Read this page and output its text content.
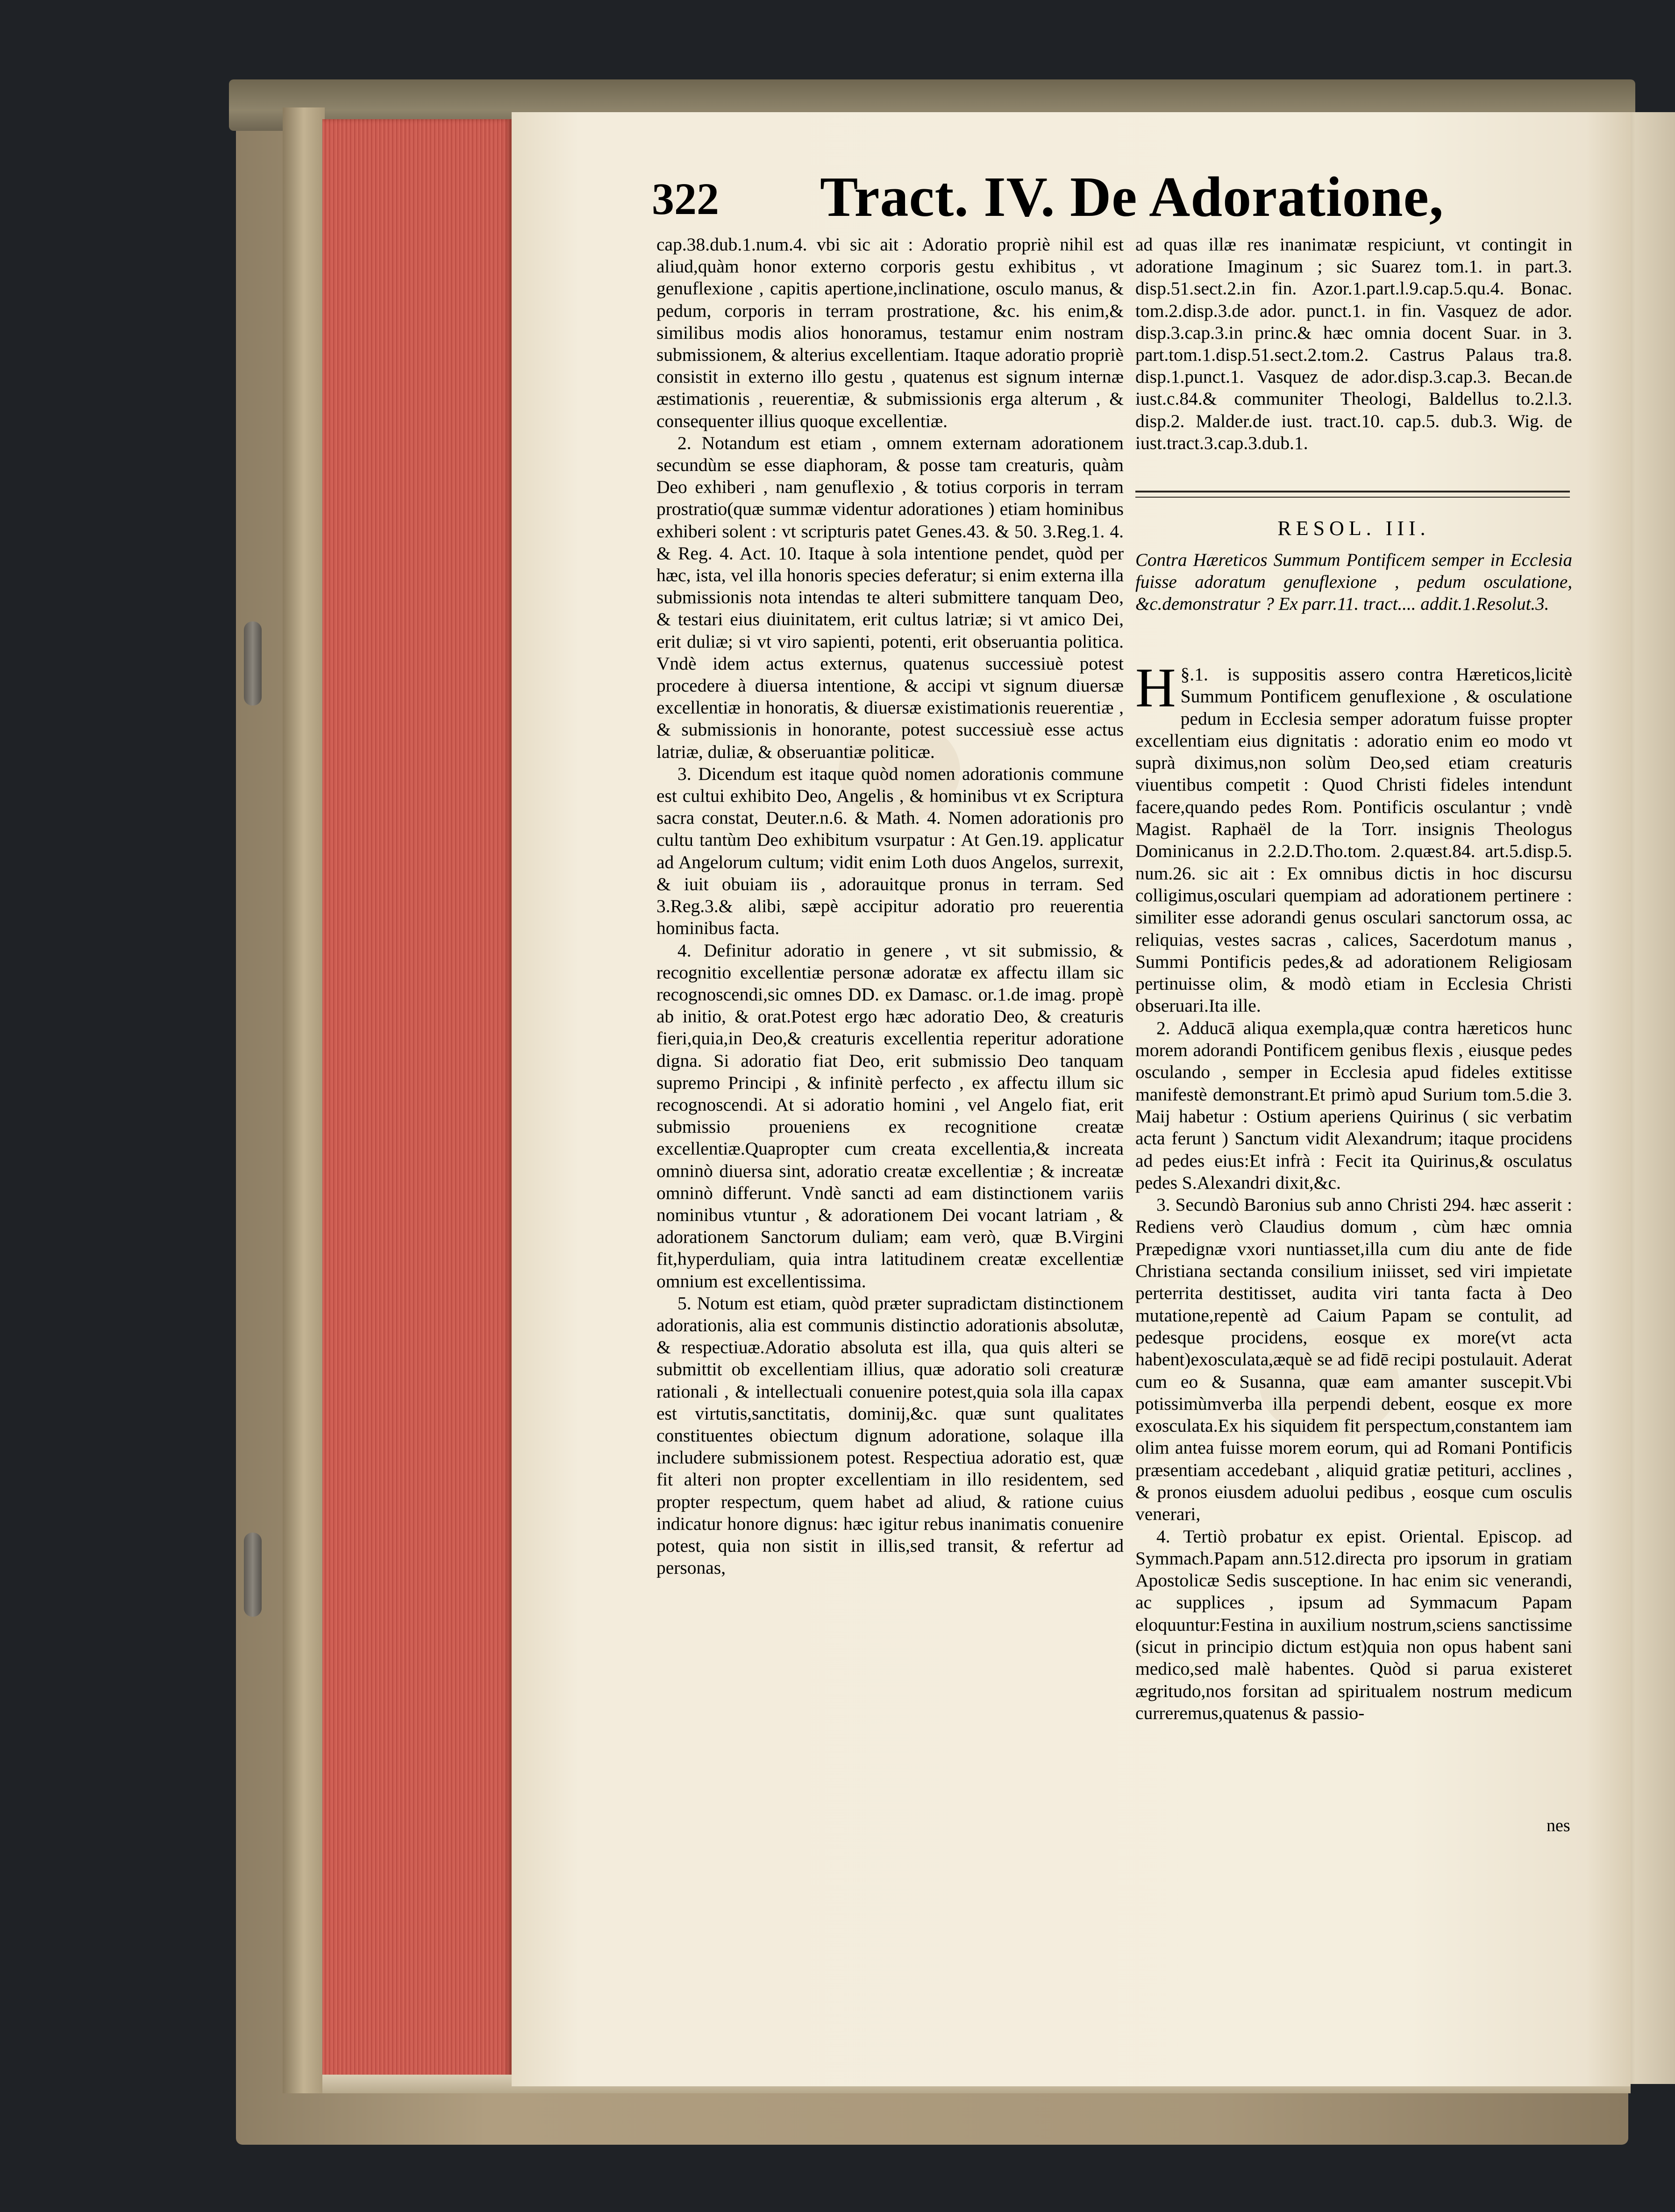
322 Tract. IV. De Adoratione,

cap.38.dub.1.num.4. vbi sic ait : Adoratio propriè nihil est aliud,quàm honor externo corporis gestu exhibitus , vt genuflexione , capitis apertione,inclinatione, osculo manus, & pedum, corporis in terram prostratione, &c. his enim,& similibus modis alios honoramus, testamur enim nostram submissionem, & alterius excellentiam. Itaque adoratio propriè consistit in externo illo gestu , quatenus est signum internæ æstimationis , reuerentiæ, & submissionis erga alterum , & consequenter illius quoque excellentiæ.

2. Notandum est etiam , omnem externam adorationem secundùm se esse diaphoram, & posse tam creaturis, quàm Deo exhiberi , nam genuflexio , & totius corporis in terram prostratio(quæ summæ videntur adorationes ) etiam hominibus exhiberi solent : vt scripturis patet Genes.43. & 50. 3.Reg.1. 4. & Reg. 4. Act. 10. Itaque à sola intentione pendet, quòd per hæc, ista, vel illa honoris species deferatur; si enim externa illa submissionis nota intendas te alteri submittere tanquam Deo, & testari eius diuinitatem, erit cultus latriæ; si vt amico Dei, erit duliæ; si vt viro sapienti, potenti, erit obseruantia politica. Vndè idem actus externus, quatenus successiuè potest procedere à diuersa intentione, & accipi vt signum diuersæ excellentiæ in honoratis, & diuersæ existimationis reuerentiæ , & submissionis in honorante, potest successiuè esse actus latriæ, duliæ, & obseruantiæ politicæ.

3. Dicendum est itaque quòd nomen adorationis commune est cultui exhibito Deo, Angelis , & hominibus vt ex Scriptura sacra constat, Deuter.n.6. & Math. 4. Nomen adorationis pro cultu tantùm Deo exhibitum vsurpatur : At Gen.19. applicatur ad Angelorum cultum; vidit enim Loth duos Angelos, surrexit, & iuit obuiam iis , adorauitque pronus in terram. Sed 3.Reg.3.& alibi, sæpè accipitur adoratio pro reuerentia hominibus facta.

4. Definitur adoratio in genere , vt sit submissio, & recognitio excellentiæ personæ adoratæ ex affectu illam sic recognoscendi,sic omnes DD. ex Damasc. or.1.de imag. propè ab initio, & orat.Potest ergo hæc adoratio Deo, & creaturis fieri,quia,in Deo,& creaturis excellentia reperitur adoratione digna. Si adoratio fiat Deo, erit submissio Deo tanquam supremo Principi , & infinitè perfecto , ex affectu illum sic recognoscendi. At si adoratio homini , vel Angelo fiat, erit submissio proueniens ex recognitione creatæ excellentiæ.Quapropter cum creata excellentia,& increata omninò diuersa sint, adoratio creatæ excellentiæ ; & increatæ omninò differunt. Vndè sancti ad eam distinctionem variis nominibus vtuntur , & adorationem Dei vocant latriam , & adorationem Sanctorum duliam; eam verò, quæ B.Virgini fit,hyperduliam, quia intra latitudinem creatæ excellentiæ omnium est excellentissima.

5. Notum est etiam, quòd præter supradictam distinctionem adorationis, alia est communis distinctio adorationis absolutæ, & respectiuæ.Adoratio absoluta est illa, qua quis alteri se submittit ob excellentiam illius, quæ adoratio soli creaturæ rationali , & intellectuali conuenire potest,quia sola illa capax est virtutis,sanctitatis, dominij,&c. quæ sunt qualitates constituentes obiectum dignum adoratione, solaque illa includere submissionem potest. Respectiua adoratio est, quæ fit alteri non propter excellentiam in illo residentem, sed propter respectum, quem habet ad aliud, & ratione cuius indicatur honore dignus: hæc igitur rebus inanimatis conuenire potest, quia non sistit in illis,sed transit, & refertur ad personas,

ad quas illæ res inanimatæ respiciunt, vt contingit in adoratione Imaginum ; sic Suarez tom.1. in part.3. disp.51.sect.2.in fin. Azor.1.part.l.9.cap.5.qu.4. Bonac. tom.2.disp.3.de ador. punct.1. in fin. Vasquez de ador. disp.3.cap.3.in princ.& hæc omnia docent Suar. in 3. part.tom.1.disp.51.sect.2.tom.2. Castrus Palaus tra.8. disp.1.punct.1. Vasquez de ador.disp.3.cap.3. Becan.de iust.c.84.& communiter Theologi, Baldellus to.2.l.3. disp.2. Malder.de iust. tract.10. cap.5. dub.3. Wig. de iust.tract.3.cap.3.dub.1.

RESOL. III.
Contra Hæreticos Summum Pontificem semper in Ecclesia fuisse adoratum genuflexione , pedum osculatione, &c.demonstratur ? Ex parr.11. tract.... addit.1.Resolut.3.

§.1.
H	is suppositis assero contra Hæreticos,licitè Summum Pontificem genuflexione , & osculatione pedum in Ecclesia semper adoratum fuisse propter excellentiam eius dignitatis : adoratio enim eo modo vt suprà diximus,non solùm Deo,sed etiam creaturis viuentibus competit : Quod Christi fideles intendunt facere,quando pedes Rom. Pontificis osculantur ; vndè Magist. Raphaël de la Torr. insignis Theologus Dominicanus in 2.2.D.Tho.tom. 2.quæst.84. art.5.disp.5. num.26. sic ait : Ex omnibus dictis in hoc discursu colligimus,osculari quempiam ad adorationem pertinere : similiter esse adorandi genus osculari sanctorum ossa, ac reliquias, vestes sacras , calices, Sacerdotum manus , Summi Pontificis pedes,& ad adorationem Religiosam pertinuisse olim, & modò etiam in Ecclesia Christi obseruari.Ita ille.

2. Adducā aliqua exempla,quæ contra hæreticos hunc morem adorandi Pontificem genibus flexis , eiusque pedes osculando , semper in Ecclesia apud fideles extitisse manifestè demonstrant.Et primò apud Surium tom.5.die 3. Maij habetur : Ostium aperiens Quirinus ( sic verbatim acta ferunt ) Sanctum vidit Alexandrum; itaque procidens ad pedes eius:Et infrà : Fecit ita Quirinus,& osculatus pedes S.Alexandri dixit,&c.

3. Secundò Baronius sub anno Christi 294. hæc asserit : Rediens verò Claudius domum , cùm hæc omnia Præpedignæ vxori nuntiasset,illa cum diu ante de fide Christiana sectanda consilium iniisset, sed viri impietate perterrita destitisset, audita viri tanta facta à Deo mutatione,repentè ad Caium Papam se contulit, ad pedesque procidens, eosque ex more(vt acta habent)exosculata,æquè se ad fidē recipi postulauit. Aderat cum eo & Susanna, quæ eam amanter suscepit.Vbi potissimùmverba illa perpendi debent, eosque ex more exosculata.Ex his siquidem fit perspectum,constantem iam olim antea fuisse morem eorum, qui ad Romani Pontificis præsentiam accedebant , aliquid gratiæ petituri, acclines , & pronos eiusdem aduolui pedibus , eosque cum osculis venerari,

4. Tertiò probatur ex epist. Oriental. Episcop. ad Symmach.Papam ann.512.directa pro ipsorum in gratiam Apostolicæ Sedis susceptione. In hac enim sic venerandi, ac supplices , ipsum ad Symmacum Papam eloquuntur:Festina in auxilium nostrum,sciens sanctissime (sicut in principio dictum est)quia non opus habent sani medico,sed malè habentes. Quòd si parua existeret ægritudo,nos forsitan ad spiritualem nostrum medicum curreremus,quatenus & passio-

nes
